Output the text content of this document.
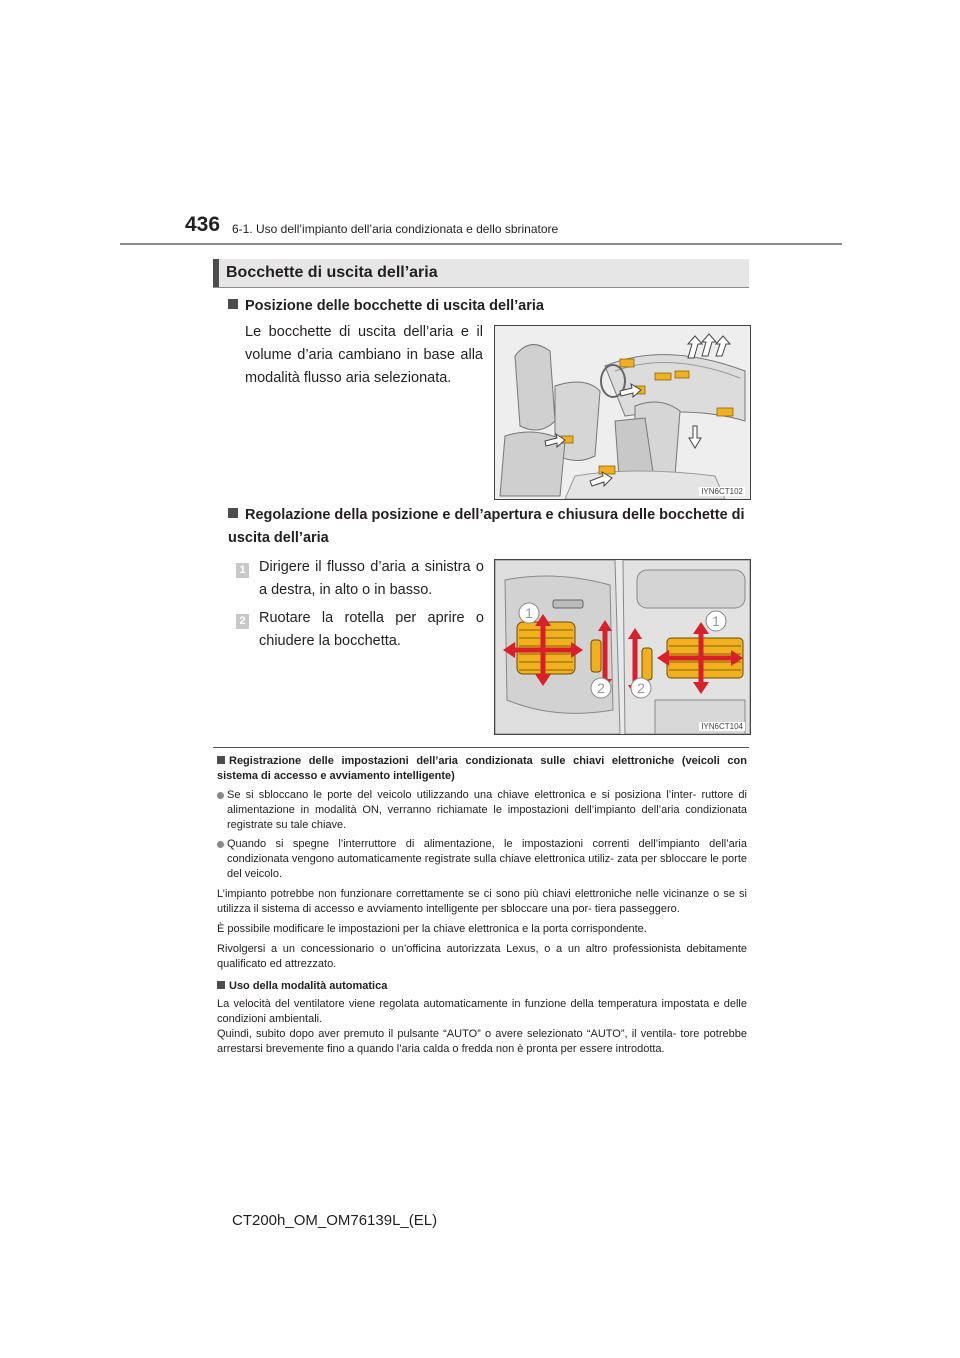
436 6-1. Uso dell’impianto dell’aria condizionata e dello sbrinatore
Bocchette di uscita dell’aria
Posizione delle bocchette di uscita dell’aria
Le bocchette di uscita dell’aria e il volume d’aria cambiano in base alla modalità flusso aria selezionata.
IYN6CT102
Regolazione della posizione e dell’apertura e chiusura delle bocchette di uscita dell’aria
1 Dirigere il flusso d’aria a sinistra o a destra, in alto o in basso.
2 Ruotare la rotella per aprire o chiudere la bocchetta.
1	1
2 2
IYN6CT104

Registrazione delle impostazioni dell’aria condizionata sulle chiavi elettroniche (veicoli con sistema di accesso e avviamento intelligente)

Se si sbloccano le porte del veicolo utilizzando una chiave elettronica e si posiziona l’inter- ruttore di alimentazione in modalità ON, verranno richiamate le impostazioni dell’impianto dell’aria condizionata registrate su tale chiave.

Quando si spegne l’interruttore di alimentazione, le impostazioni correnti dell’impianto dell’aria condizionata vengono automaticamente registrate sulla chiave elettronica utiliz- zata per sbloccare le porte del veicolo.

L’impianto potrebbe non funzionare correttamente se ci sono più chiavi elettroniche nelle vicinanze o se si utilizza il sistema di accesso e avviamento intelligente per sbloccare una por- tiera passeggero.

È possibile modificare le impostazioni per la chiave elettronica e la porta corrispondente.

Rivolgersi a un concessionario o un’officina autorizzata Lexus, o a un altro professionista debitamente qualificato ed attrezzato.

Uso della modalità automatica

La velocità del ventilatore viene regolata automaticamente in funzione della temperatura impostata e delle condizioni ambientali.

Quindi, subito dopo aver premuto il pulsante “AUTO” o avere selezionato “AUTO”, il ventila- tore potrebbe arrestarsi brevemente fino a quando l’aria calda o fredda non è pronta per essere introdotta.

CT200h_OM_OM76139L_(EL)
